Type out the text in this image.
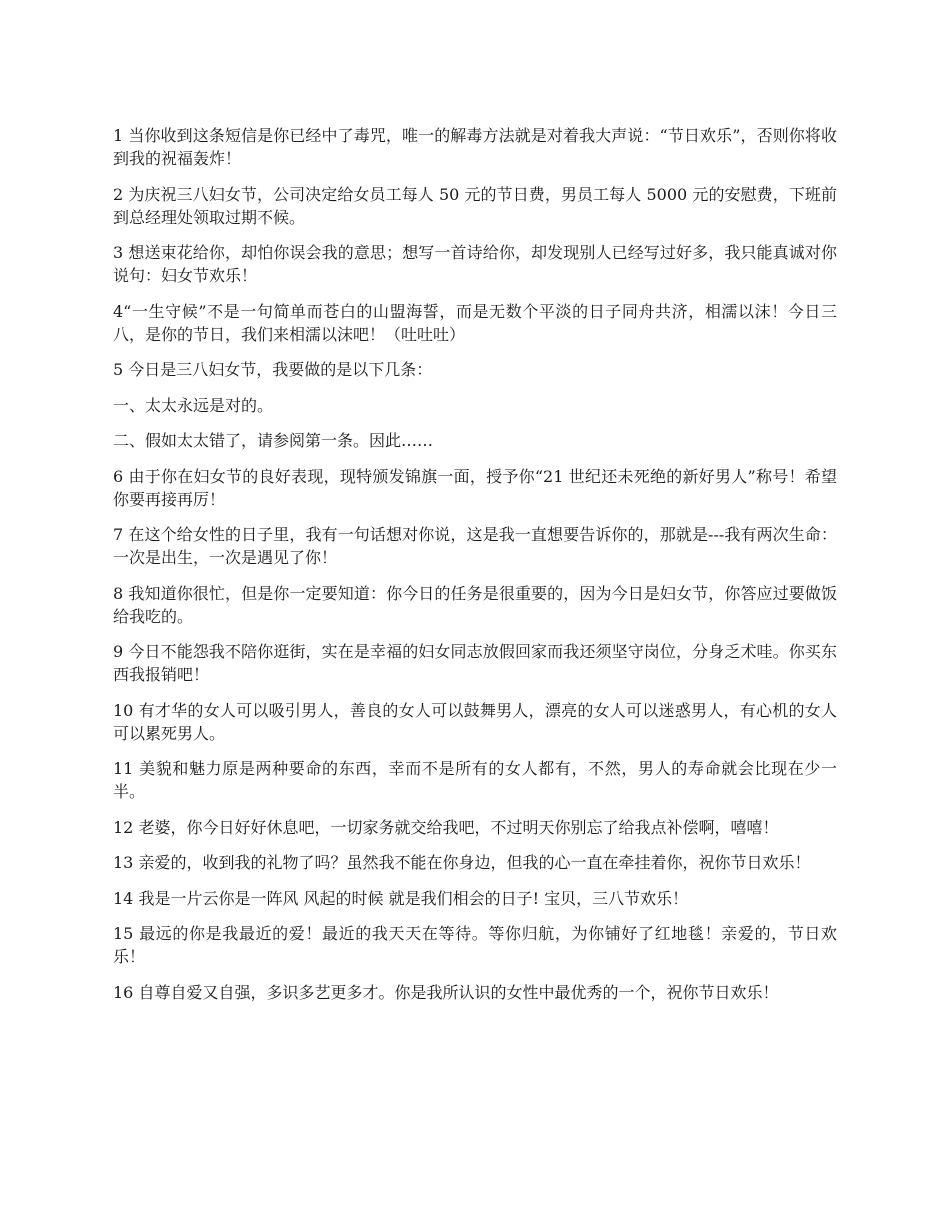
1 当你收到这条短信是你已经中了毒咒，唯一的解毒方法就是对着我大声说：“节日欢乐”，否则你将收到我的祝福轰炸！

2 为庆祝三八妇女节，公司决定给女员工每人 50 元的节日费，男员工每人 5000 元的安慰费，下班前到总经理处领取过期不候。

3 想送束花给你，却怕你误会我的意思；想写一首诗给你，却发现别人已经写过好多，我只能真诚对你说句：妇女节欢乐！

4“一生守候”不是一句简单而苍白的山盟海誓，而是无数个平淡的日子同舟共济，相濡以沫！今日三八，是你的节日，我们来相濡以沫吧！（吐吐吐）

5 今日是三八妇女节，我要做的是以下几条：

一、太太永远是对的。

二、假如太太错了，请参阅第一条。因此……

6 由于你在妇女节的良好表现，现特颁发锦旗一面，授予你“21 世纪还未死绝的新好男人”称号！希望你要再接再厉！

7 在这个给女性的日子里，我有一句话想对你说，这是我一直想要告诉你的，那就是---我有两次生命：一次是出生，一次是遇见了你！

8 我知道你很忙，但是你一定要知道：你今日的任务是很重要的，因为今日是妇女节，你答应过要做饭给我吃的。

9 今日不能怨我不陪你逛街，实在是幸福的妇女同志放假回家而我还须坚守岗位，分身乏术哇。你买东西我报销吧！

10 有才华的女人可以吸引男人，善良的女人可以鼓舞男人，漂亮的女人可以迷惑男人，有心机的女人可以累死男人。

11 美貌和魅力原是两种要命的东西，幸而不是所有的女人都有，不然，男人的寿命就会比现在少一半。

12 老婆，你今日好好休息吧，一切家务就交给我吧，不过明天你别忘了给我点补偿啊，嘻嘻！

13 亲爱的，收到我的礼物了吗？虽然我不能在你身边，但我的心一直在牵挂着你，祝你节日欢乐！

14 我是一片云你是一阵风 风起的时候 就是我们相会的日子! 宝贝，三八节欢乐！

15 最远的你是我最近的爱！最近的我天天在等待。等你归航，为你铺好了红地毯！亲爱的，节日欢乐！

16 自尊自爱又自强，多识多艺更多才。你是我所认识的女性中最优秀的一个，祝你节日欢乐！
